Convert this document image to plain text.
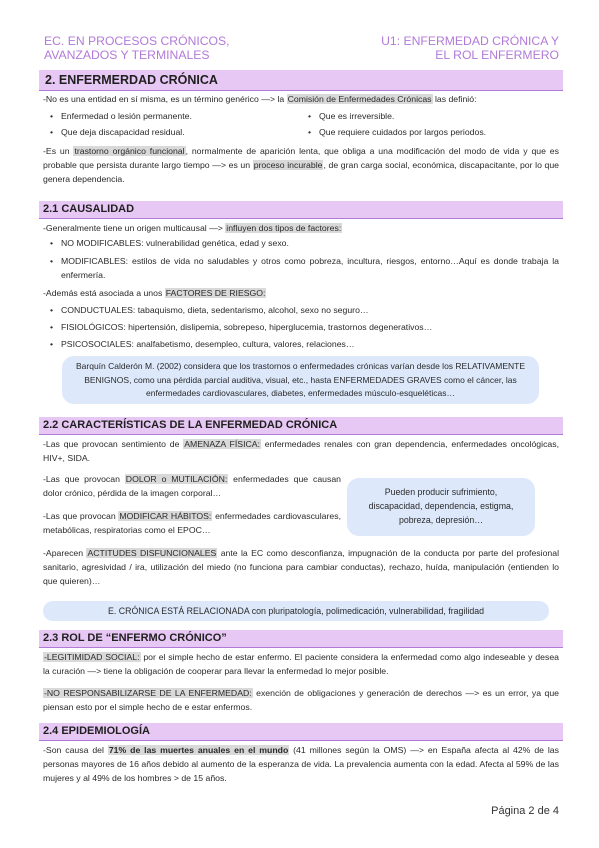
EC. EN PROCESOS CRÓNICOS,
AVANZADOS Y TERMINALES
U1: ENFERMEDAD CRÓNICA Y
EL ROL ENFERMERO
2. ENFERMERDAD CRÓNICA
-No es una entidad en sí misma, es un término genérico —> la Comisión de Enfermedades Crónicas las definió:
• Enfermedad o lesión permanente.
• Que deja discapacidad residual.
• Que es irreversible.
• Que requiere cuidados por largos periodos.
-Es un trastorno orgánico funcional, normalmente de aparición lenta, que obliga a una modificación del modo de vida y que es probable que persista durante largo tiempo —> es un proceso incurable, de gran carga social, económica, discapacitante, por lo que genera dependencia.
2.1 CAUSALIDAD
-Generalmente tiene un origen multicausal —> influyen dos tipos de factores:
• NO MODIFICABLES: vulnerabilidad genética, edad y sexo.
• MODIFICABLES: estilos de vida no saludables y otros como pobreza, incultura, riesgos, entorno…Aquí es donde trabaja la enfermería.
-Además está asociada a unos FACTORES DE RIESGO:
• CONDUCTUALES: tabaquismo, dieta, sedentarismo, alcohol, sexo no seguro…
• FISIOLÓGICOS: hipertensión, dislipemia, sobrepeso, hiperglucemia, trastornos degenerativos…
• PSICOSOCIALES: analfabetismo, desempleo, cultura, valores, relaciones…
Barquín Calderón M. (2002) considera que los trastornos o enfermedades crónicas varían desde los RELATIVAMENTE BENIGNOS, como una pérdida parcial auditiva, visual, etc., hasta ENFERMEDADES GRAVES como el cáncer, las enfermedades cardiovasculares, diabetes, enfermedades músculo-esqueléticas…
2.2 CARACTERÍSTICAS DE LA ENFERMEDAD CRÓNICA
-Las que provocan sentimiento de AMENAZA FÍSICA: enfermedades renales con gran dependencia, enfermedades oncológicas, HIV+, SIDA.
-Las que provocan DOLOR o MUTILACIÓN: enfermedades que causan dolor crónico, pérdida de la imagen corporal…
-Las que provocan MODIFICAR HÁBITOS: enfermedades cardiovasculares, metabólicas, respiratorias como el EPOC…
Pueden producir sufrimiento, discapacidad, dependencia, estigma, pobreza, depresión…
-Aparecen ACTITUDES DISFUNCIONALES ante la EC como desconfianza, impugnación de la conducta por parte del profesional sanitario, agresividad / ira, utilización del miedo (no funciona para cambiar conductas), rechazo, huída, manipulación (entienden lo que quieren)…
E. CRÓNICA ESTÁ RELACIONADA con pluripatología, polimedicación, vulnerabilidad, fragilidad
2.3 ROL DE “ENFERMO CRÓNICO”
-LEGITIMIDAD SOCIAL: por el simple hecho de estar enfermo. El paciente considera la enfermedad como algo indeseable y desea la curación —> tiene la obligación de cooperar para llevar la enfermedad lo mejor posible.
-NO RESPONSABILIZARSE DE LA ENFERMEDAD: exención de obligaciones y generación de derechos —> es un error, ya que piensan esto por el simple hecho de e estar enfermos.
2.4 EPIDEMIOLOGÍA
-Son causa del 71% de las muertes anuales en el mundo (41 millones según la OMS) —> en España afecta al 42% de las personas mayores de 16 años debido al aumento de la esperanza de vida. La prevalencia aumenta con la edad. Afecta al 59% de las mujeres y al 49% de los hombres > de 15 años.
Página 2 de 4
